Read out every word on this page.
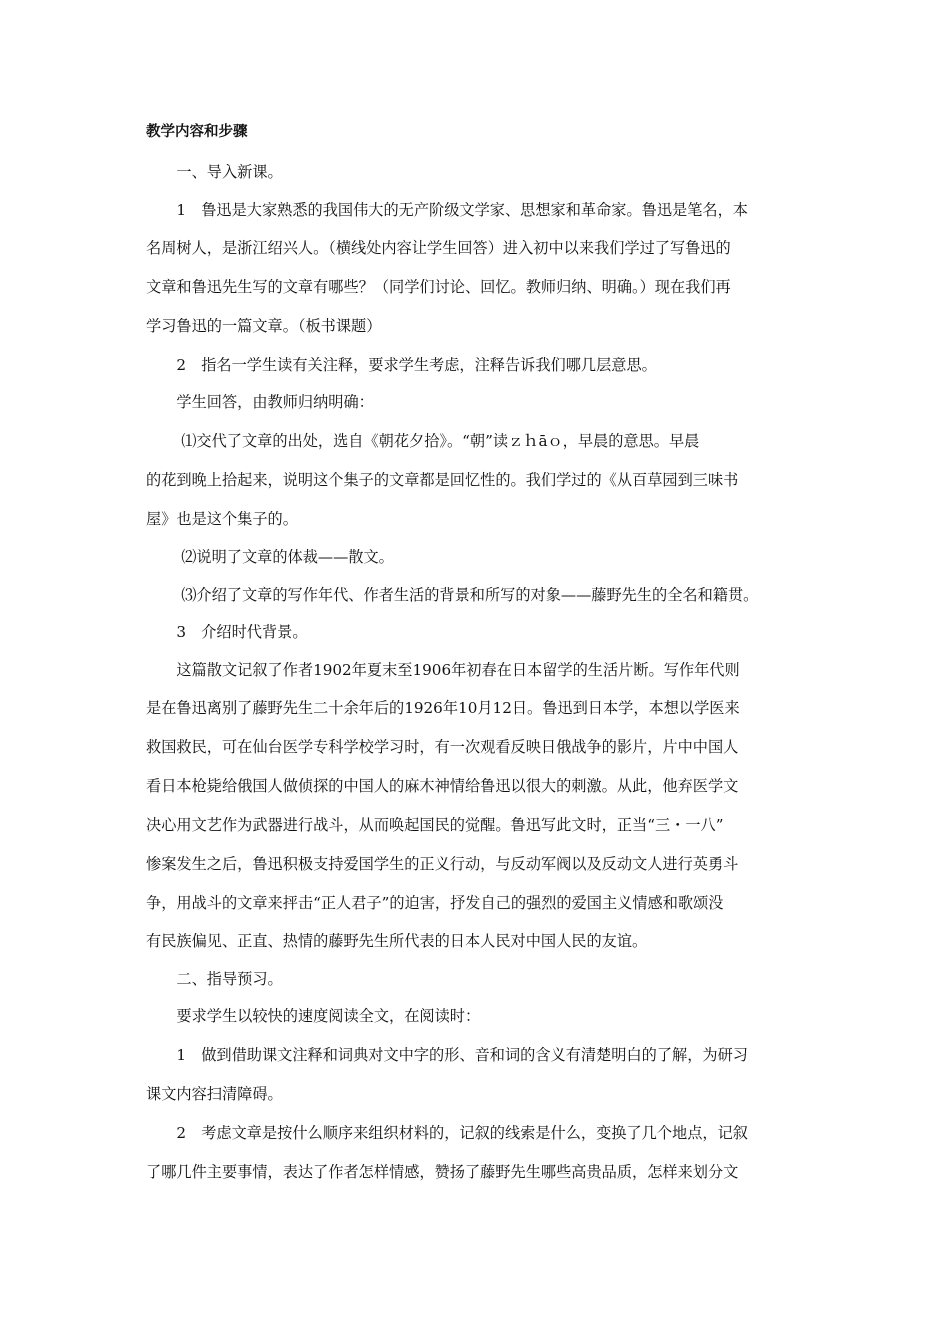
教学内容和步骤
　　一、导入新课。
　　1　鲁迅是大家熟悉的我国伟大的无产阶级文学家、思想家和革命家。鲁迅是笔名，本
名周树人，是浙江绍兴人。（横线处内容让学生回答）进入初中以来我们学过了写鲁迅的
文章和鲁迅先生写的文章有哪些？（同学们讨论、回忆。教师归纳、明确。）现在我们再
学习鲁迅的一篇文章。（板书课题）
　　2　指名一学生读有关注释，要求学生考虑，注释告诉我们哪几层意思。
　　学生回答，由教师归纳明确：
　　 ⑴交代了文章的出处，选自《朝花夕拾》。“朝”读ｚｈāｏ，早晨的意思。早晨
的花到晚上拾起来，说明这个集子的文章都是回忆性的。我们学过的《从百草园到三味书
屋》也是这个集子的。
　　 ⑵说明了文章的体裁——散文。
　　 ⑶介绍了文章的写作年代、作者生活的背景和所写的对象——藤野先生的全名和籍贯。
　　3　介绍时代背景。
　　这篇散文记叙了作者1902年夏末至1906年初春在日本留学的生活片断。写作年代则
是在鲁迅离别了藤野先生二十余年后的1926年10月12日。鲁迅到日本学，本想以学医来
救国救民，可在仙台医学专科学校学习时，有一次观看反映日俄战争的影片，片中中国人
看日本枪毙给俄国人做侦探的中国人的麻木神情给鲁迅以很大的刺激。从此，他弃医学文
决心用文艺作为武器进行战斗，从而唤起国民的觉醒。鲁迅写此文时，正当“三・一八”
惨案发生之后，鲁迅积极支持爱国学生的正义行动，与反动军阀以及反动文人进行英勇斗
争，用战斗的文章来抨击“正人君子”的迫害，抒发自己的强烈的爱国主义情感和歌颂没
有民族偏见、正直、热情的藤野先生所代表的日本人民对中国人民的友谊。
　　二、指导预习。
　　要求学生以较快的速度阅读全文，在阅读时：
　　1　做到借助课文注释和词典对文中字的形、音和词的含义有清楚明白的了解，为研习
课文内容扫清障碍。
　　2　考虑文章是按什么顺序来组织材料的，记叙的线索是什么，变换了几个地点，记叙
了哪几件主要事情，表达了作者怎样情感，赞扬了藤野先生哪些高贵品质，怎样来划分文
